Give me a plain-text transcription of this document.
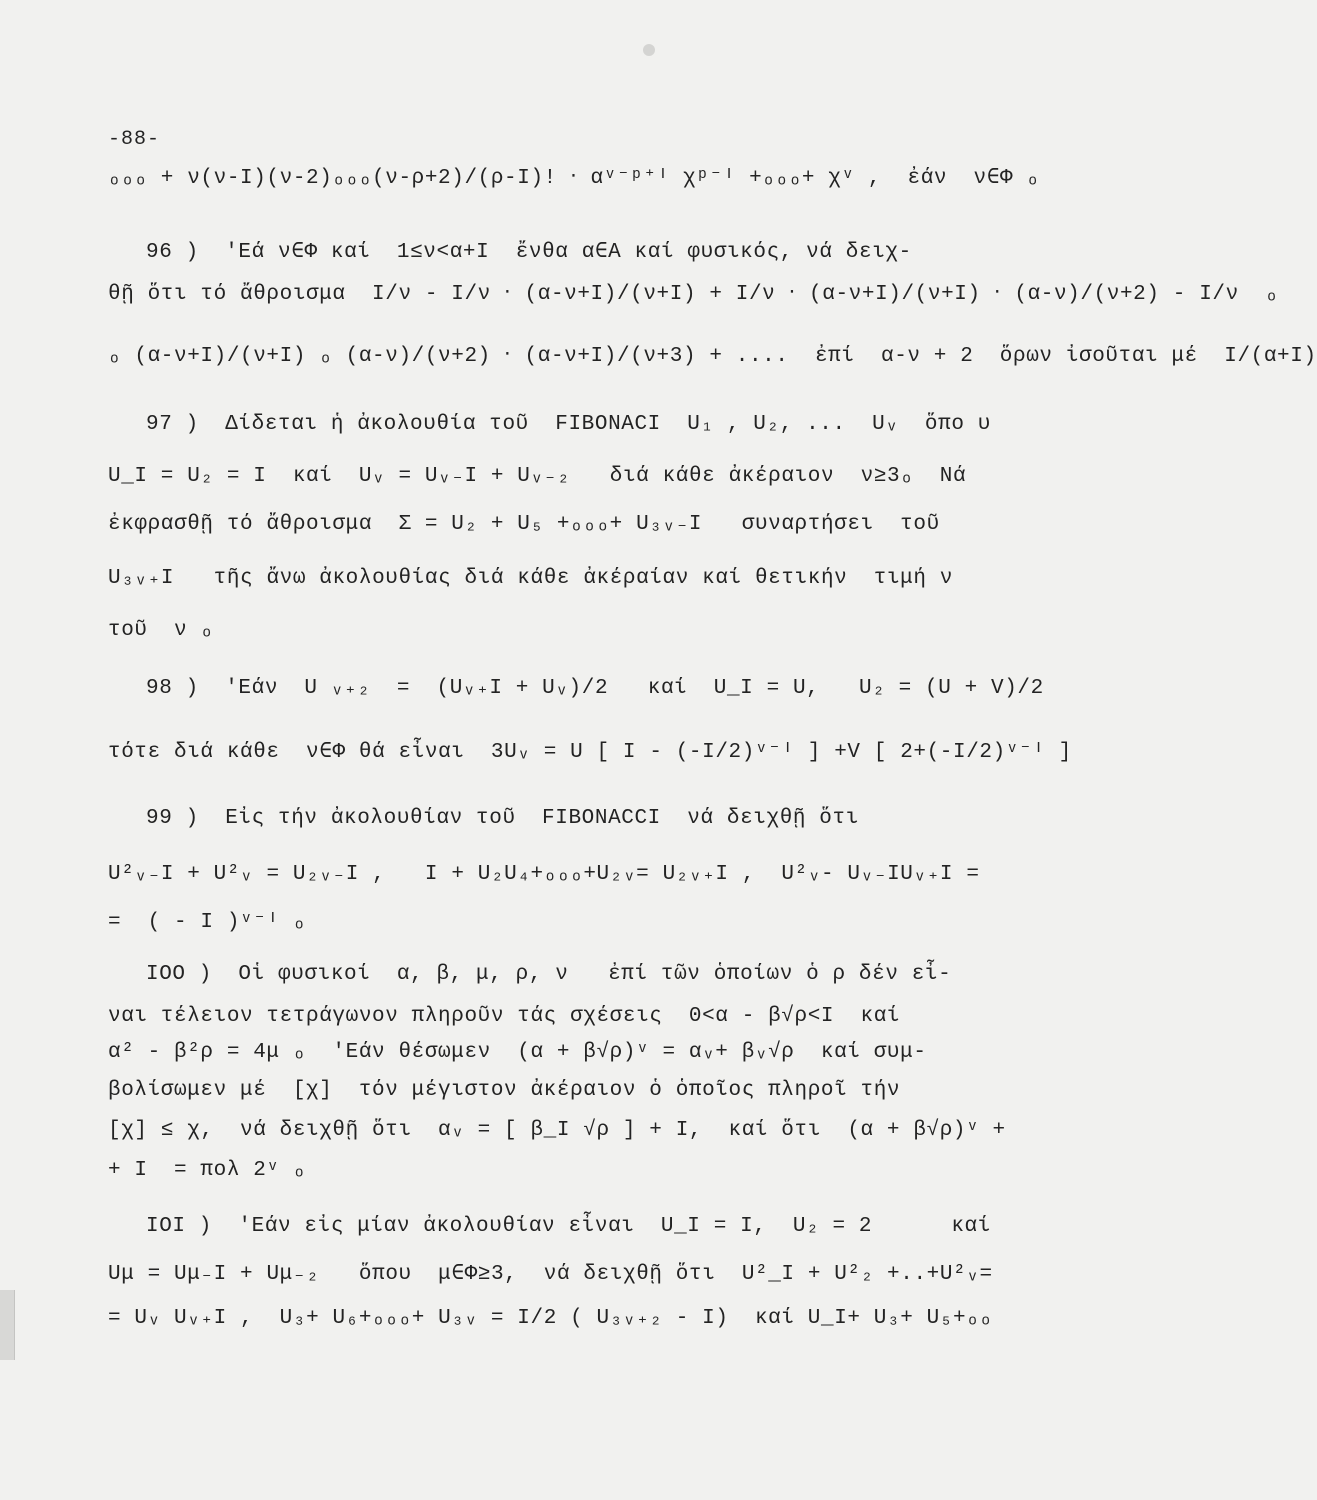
-88-
ₒₒₒ + ν(ν-I)(ν-2)ₒₒₒ(ν-ρ+2)/(ρ-I)! ‧ αᵛ⁻ᵖ⁺ᴵ χᵖ⁻ᴵ +ₒₒₒ+ χᵛ ,  ἐάν  ν∈Φ ₒ
96 )  'Εά ν∈Φ καί  1≤ν<α+I  ἔνθα α∈Α καί φυσικός, νά δειχ-
θῇ ὅτι τό ἄθροισμα  I/ν - I/ν ‧ (α-ν+I)/(ν+I) + I/ν ‧ (α-ν+I)/(ν+I) ‧ (α-ν)/(ν+2) - I/ν  ₒ
ₒ (α-ν+I)/(ν+I) ₒ (α-ν)/(ν+2) ‧ (α-ν+I)/(ν+3) + ....  ἐπί  α-ν + 2  ὅρων ἰσοῦται μέ  I/(α+I)
97 )  Δίδεται ἡ ἀκολουθία τοῦ  FIBONACI  U₁ , U₂, ...  Uᵥ  ὅπο υ
U_I = U₂ = I  καί  Uᵥ = Uᵥ₋I + Uᵥ₋₂   διά κάθε ἀκέραιον  ν≥3ₒ  Νά
ἐκφρασθῇ τό ἄθροισμα  Σ = U₂ + U₅ +ₒₒₒ+ U₃ᵥ₋I   συναρτήσει  τοῦ
U₃ᵥ₊I   τῆς ἄνω ἀκολουθίας διά κάθε ἀκέραίαν καί θετικήν  τιμή ν
τοῦ  ν ₒ
98 )  'Εάν  U ᵥ₊₂  =  (Uᵥ₊I + Uᵥ)/2   καί  U_I = U,   U₂ = (U + V)/2
τότε διά κάθε  ν∈Φ θά εἶναι  3Uᵥ = U [ I - (-I/2)ᵛ⁻ᴵ ] +V [ 2+(-I/2)ᵛ⁻ᴵ ]
99 )  Εἰς τήν ἀκολουθίαν τοῦ  FIBONACCI  νά δειχθῇ ὅτι
U²ᵥ₋I + U²ᵥ = U₂ᵥ₋I ,   I + U₂U₄+ₒₒₒ+U₂ᵥ= U₂ᵥ₊I ,  U²ᵥ- Uᵥ₋IUᵥ₊I =
=  ( - I )ᵛ⁻ᴵ ₒ
IOO )  Οἱ φυσικοί  α, β, μ, ρ, ν   ἐπί τῶν ὁποίων ὁ ρ δέν εἶ-
ναι τέλειον τετράγωνον πληροῦν τάς σχέσεις  0<α - β√ρ<I  καί
α² - β²ρ = 4μ ₒ  'Εάν θέσωμεν  (α + β√ρ)ᵛ = αᵥ+ βᵥ√ρ  καί συμ-
βολίσωμεν μέ  [χ]  τόν μέγιστον ἀκέραιον ὁ ὁποῖος πληροῖ τήν
[χ] ≤ χ,  νά δειχθῇ ὅτι  αᵥ = [ β_I √ρ ] + I,  καί ὅτι  (α + β√ρ)ᵛ +
+ I  = πολ 2ᵛ ₒ
IOI )  'Εάν εἰς μίαν ἀκολουθίαν εἶναι  U_I = I,  U₂ = 2      καί
Uμ = Uμ₋I + Uμ₋₂   ὅπου  μ∈Φ≥3,  νά δειχθῇ ὅτι  U²_I + U²₂ +..+U²ᵥ=
= Uᵥ Uᵥ₊I ,  U₃+ U₆+ₒₒₒ+ U₃ᵥ = I/2 ( U₃ᵥ₊₂ - I)  καί U_I+ U₃+ U₅+ₒₒ
